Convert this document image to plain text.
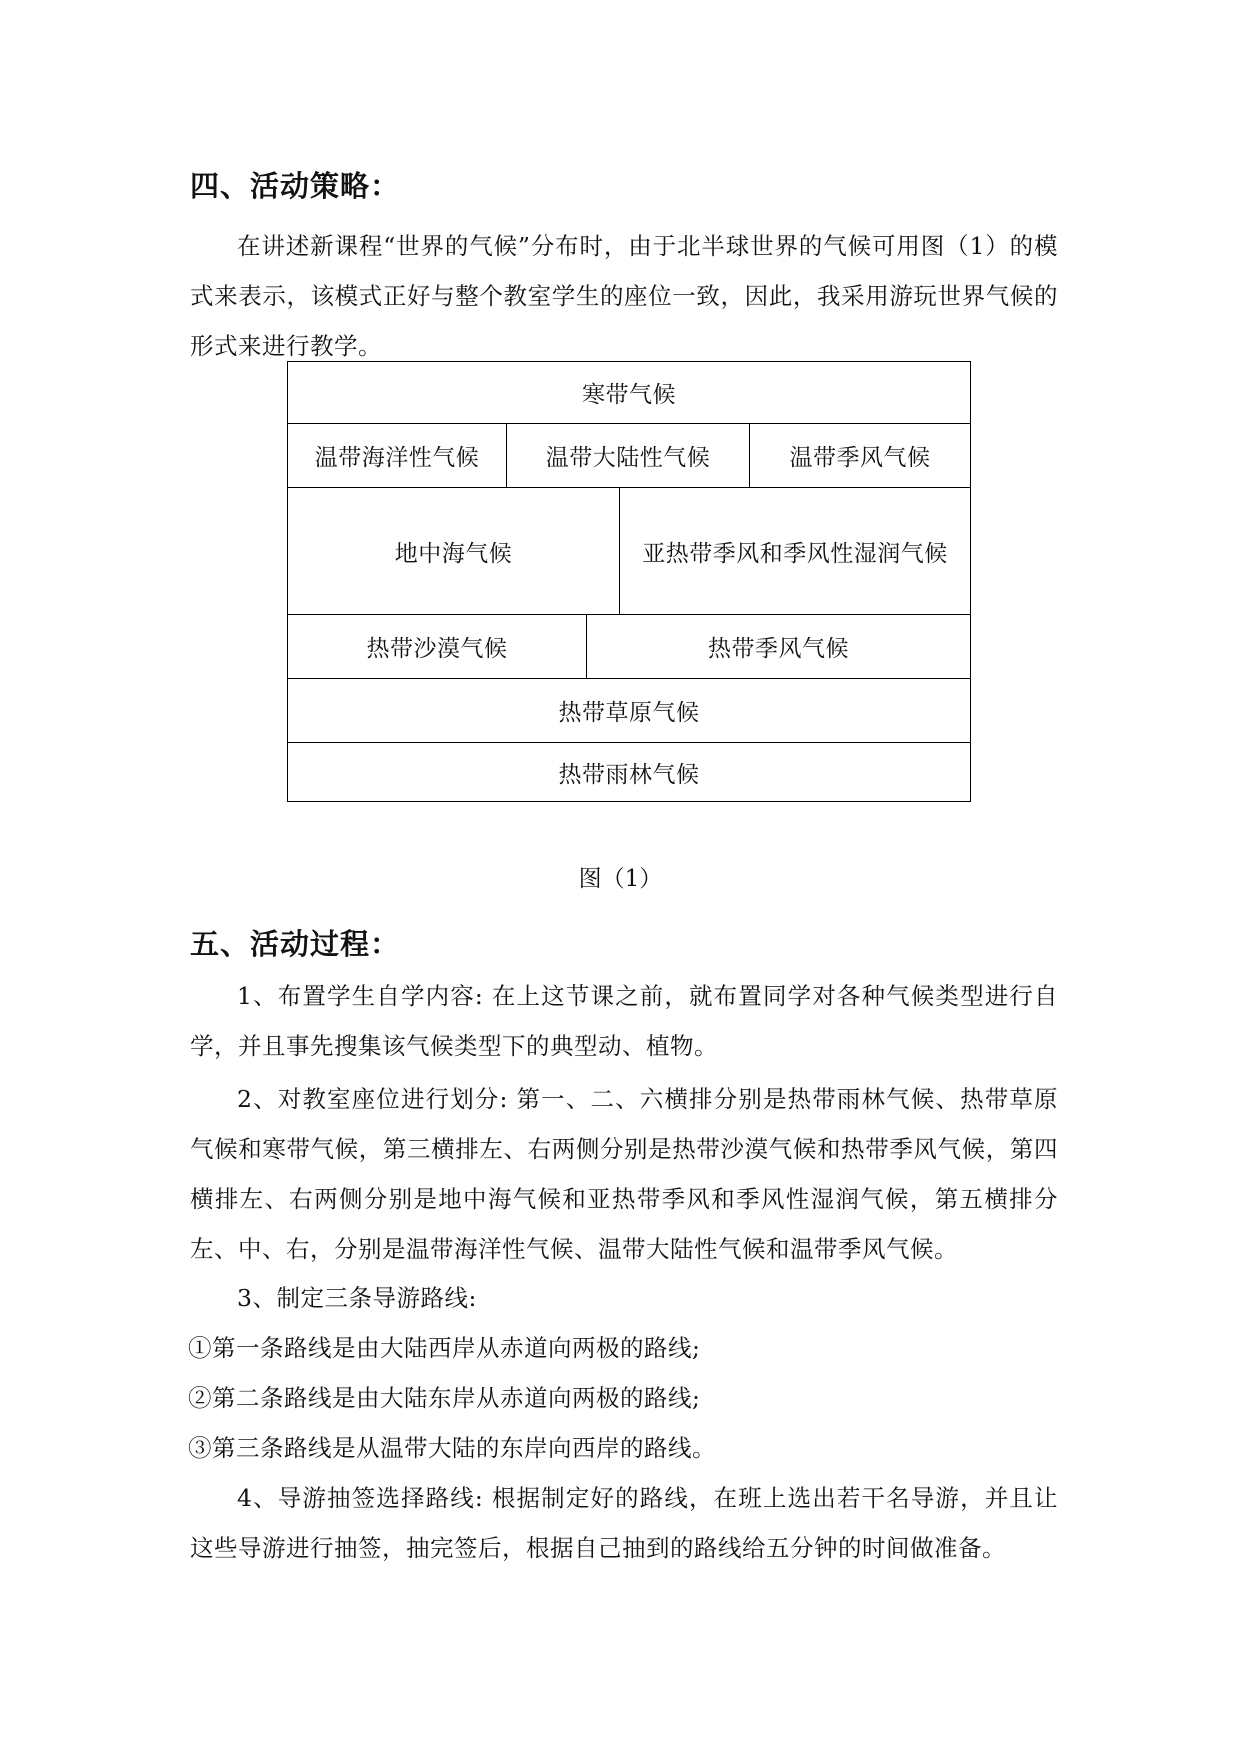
四、活动策略：
在讲述新课程“世界的气候”分布时，由于北半球世界的气候可用图（1）的模式来表示，该模式正好与整个教室学生的座位一致，因此，我采用游玩世界气候的形式来进行教学。
寒带气候
温带海洋性气候	温带大陆性气候	温带季风气候
地中海气候	亚热带季风和季风性湿润气候
热带沙漠气候	热带季风气候
热带草原气候
热带雨林气候
图（1）
五、活动过程：
1、布置学生自学内容: 在上这节课之前，就布置同学对各种气候类型进行自学，并且事先搜集该气候类型下的典型动、植物。
2、对教室座位进行划分: 第一、二、六横排分别是热带雨林气候、热带草原气候和寒带气候，第三横排左、右两侧分别是热带沙漠气候和热带季风气候，第四横排左、右两侧分别是地中海气候和亚热带季风和季风性湿润气候，第五横排分左、中、右，分别是温带海洋性气候、温带大陆性气候和温带季风气候。
3、制定三条导游路线:
①第一条路线是由大陆西岸从赤道向两极的路线;
②第二条路线是由大陆东岸从赤道向两极的路线;
③第三条路线是从温带大陆的东岸向西岸的路线。
4、导游抽签选择路线: 根据制定好的路线，在班上选出若干名导游，并且让这些导游进行抽签，抽完签后，根据自己抽到的路线给五分钟的时间做准备。
